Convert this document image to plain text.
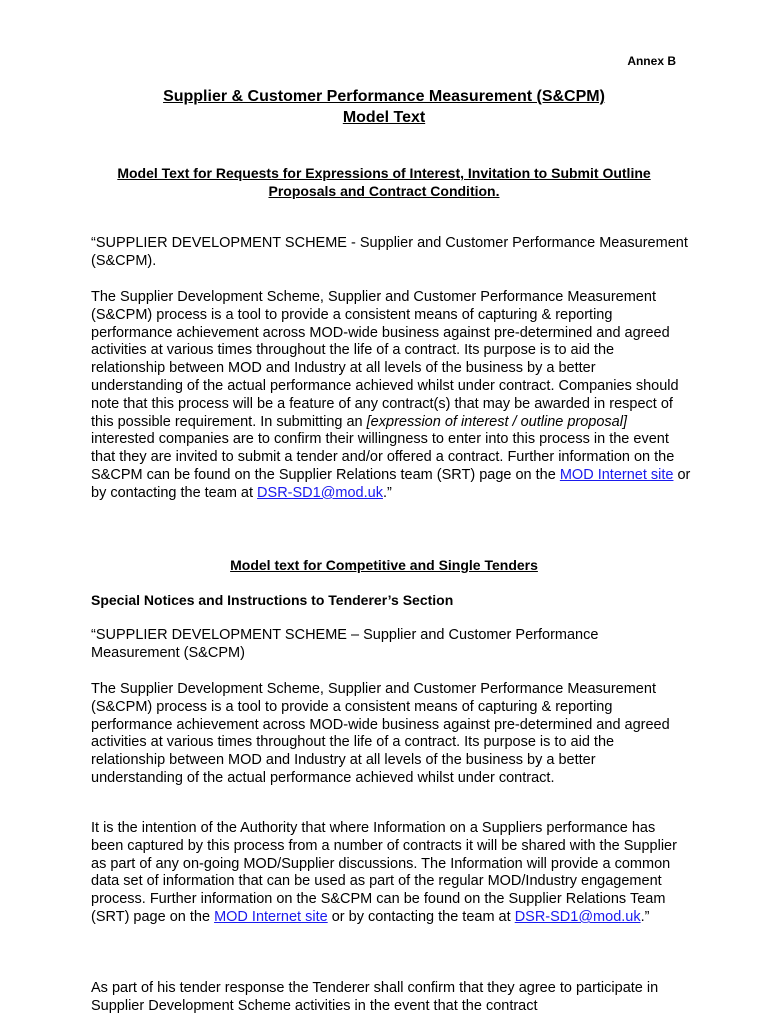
Annex B
Supplier & Customer Performance Measurement (S&CPM)
Model Text
Model Text for Requests for Expressions of Interest, Invitation to Submit Outline Proposals and Contract Condition.
“SUPPLIER DEVELOPMENT SCHEME - Supplier and Customer Performance Measurement (S&CPM).
The Supplier Development Scheme, Supplier and Customer Performance Measurement (S&CPM) process is a tool to provide a consistent means of capturing & reporting performance achievement across MOD-wide business against pre-determined and agreed activities at various times throughout the life of a contract. Its purpose is to aid the relationship between MOD and Industry at all levels of the business by a better understanding of the actual performance achieved whilst under contract. Companies should note that this process will be a feature of any contract(s) that may be awarded in respect of this possible requirement. In submitting an [expression of interest / outline proposal] interested companies are to confirm their willingness to enter into this process in the event that they are invited to submit a tender and/or offered a contract. Further information on the S&CPM can be found on the Supplier Relations team (SRT) page on the MOD Internet site or by contacting the team at DSR-SD1@mod.uk.”
Model text for Competitive and Single Tenders
Special Notices and Instructions to Tenderer’s Section
“SUPPLIER DEVELOPMENT SCHEME – Supplier and Customer Performance Measurement (S&CPM)
The Supplier Development Scheme, Supplier and Customer Performance Measurement (S&CPM) process is a tool to provide a consistent means of capturing & reporting performance achievement across MOD-wide business against pre-determined and agreed activities at various times throughout the life of a contract. Its purpose is to aid the relationship between MOD and Industry at all levels of the business by a better understanding of the actual performance achieved whilst under contract.
It is the intention of the Authority that where Information on a Suppliers performance has been captured by this process from a number of contracts it will be shared with the Supplier as part of any on-going MOD/Supplier discussions. The Information will provide a common data set of information that can be used as part of the regular MOD/Industry engagement process. Further information on the S&CPM can be found on the Supplier Relations Team (SRT) page on the MOD Internet site or by contacting the team at DSR-SD1@mod.uk.”
As part of his tender response the Tenderer shall confirm that they agree to participate in Supplier Development Scheme activities in the event that the contract
